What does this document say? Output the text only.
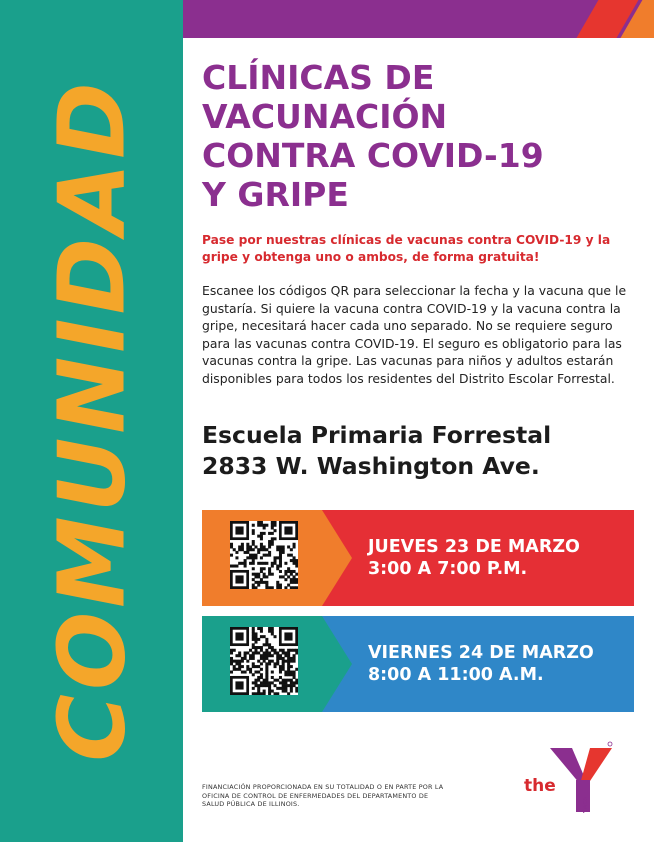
COMUNIDAD
CLÍNICAS DE
VACUNACIÓN
CONTRA COVID-19
Y GRIPE
Pase por nuestras clínicas de vacunas contra COVID-19 y la gripe y obtenga uno o ambos, de forma gratuita!
Escanee los códigos QR para seleccionar la fecha y la vacuna que le gustaría. Si quiere la vacuna contra COVID-19 y la vacuna contra la gripe, necesitará hacer cada uno separado. No se requiere seguro para las vacunas contra COVID-19. El seguro es obligatorio para las vacunas contra la gripe. Las vacunas para niños y adultos estarán disponibles para todos los residentes del Distrito Escolar Forrestal.
Escuela Primaria Forrestal
2833 W. Washington Ave.
JUEVES 23 DE MARZO
3:00 A 7:00 P.M.
VIERNES 24 DE MARZO
8:00 A 11:00 A.M.
FINANCIACIÓN PROPORCIONADA EN SU TOTALIDAD O EN PARTE POR LA OFICINA DE CONTROL DE ENFERMEDADES DEL DEPARTAMENTO DE SALUD PÚBLICA DE ILLINOIS.
the
YMCA
